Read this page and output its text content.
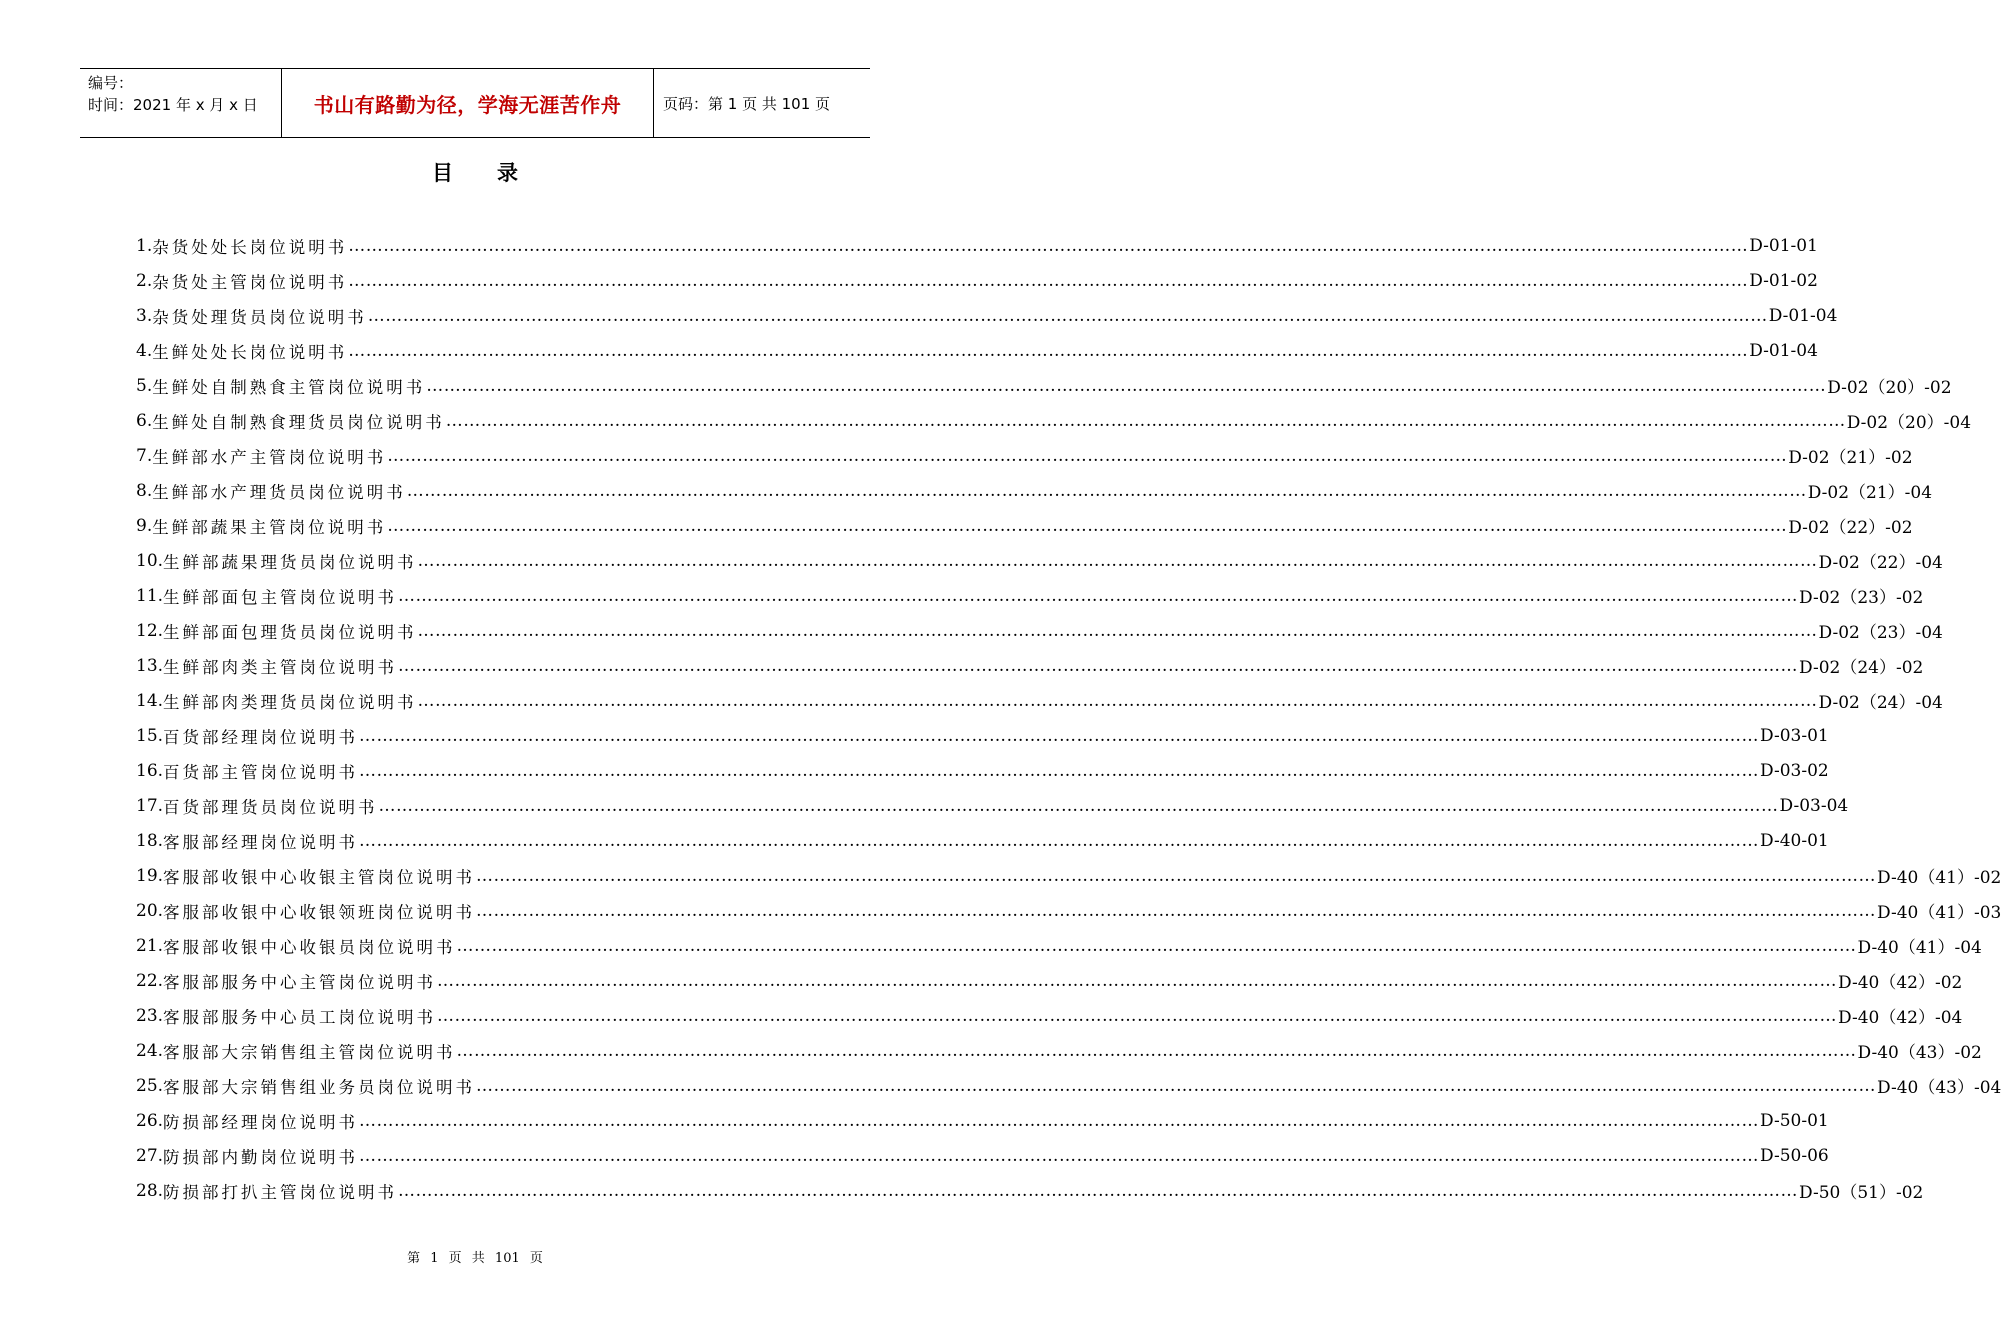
编号：
时间：2021 年 x 月 x 日	书山有路勤为径，学海无涯苦作舟	页码：第 1 页 共 101 页
目录
1. 杂货处处长岗位说明书 …………………………………………………………………………………………………………………………………………………………………………………………………………………… D-01-01
2. 杂货处主管岗位说明书 …………………………………………………………………………………………………………………………………………………………………………………………………………………… D-01-02
3. 杂货处理货员岗位说明书 …………………………………………………………………………………………………………………………………………………………………………………………………………………… D-01-04
4. 生鲜处处长岗位说明书 …………………………………………………………………………………………………………………………………………………………………………………………………………………… D-01-04
5. 生鲜处自制熟食主管岗位说明书 …………………………………………………………………………………………………………………………………………………………………………………………………………………… D-02（20）-02
6. 生鲜处自制熟食理货员岗位说明书 …………………………………………………………………………………………………………………………………………………………………………………………………………………… D-02（20）-04
7. 生鲜部水产主管岗位说明书 …………………………………………………………………………………………………………………………………………………………………………………………………………………… D-02（21）-02
8. 生鲜部水产理货员岗位说明书 …………………………………………………………………………………………………………………………………………………………………………………………………………………… D-02（21）-04
9. 生鲜部蔬果主管岗位说明书 …………………………………………………………………………………………………………………………………………………………………………………………………………………… D-02（22）-02
10. 生鲜部蔬果理货员岗位说明书 …………………………………………………………………………………………………………………………………………………………………………………………………………………… D-02（22）-04
11. 生鲜部面包主管岗位说明书 …………………………………………………………………………………………………………………………………………………………………………………………………………………… D-02（23）-02
12. 生鲜部面包理货员岗位说明书 …………………………………………………………………………………………………………………………………………………………………………………………………………………… D-02（23）-04
13. 生鲜部肉类主管岗位说明书 …………………………………………………………………………………………………………………………………………………………………………………………………………………… D-02（24）-02
14. 生鲜部肉类理货员岗位说明书 …………………………………………………………………………………………………………………………………………………………………………………………………………………… D-02（24）-04
15. 百货部经理岗位说明书 …………………………………………………………………………………………………………………………………………………………………………………………………………………… D-03-01
16. 百货部主管岗位说明书 …………………………………………………………………………………………………………………………………………………………………………………………………………………… D-03-02
17. 百货部理货员岗位说明书 …………………………………………………………………………………………………………………………………………………………………………………………………………………… D-03-04
18. 客服部经理岗位说明书 …………………………………………………………………………………………………………………………………………………………………………………………………………………… D-40-01
19. 客服部收银中心收银主管岗位说明书 …………………………………………………………………………………………………………………………………………………………………………………………………………………… D-40（41）-02
20. 客服部收银中心收银领班岗位说明书 …………………………………………………………………………………………………………………………………………………………………………………………………………………… D-40（41）-03
21. 客服部收银中心收银员岗位说明书 …………………………………………………………………………………………………………………………………………………………………………………………………………………… D-40（41）-04
22. 客服部服务中心主管岗位说明书 …………………………………………………………………………………………………………………………………………………………………………………………………………………… D-40（42）-02
23. 客服部服务中心员工岗位说明书 …………………………………………………………………………………………………………………………………………………………………………………………………………………… D-40（42）-04
24. 客服部大宗销售组主管岗位说明书 …………………………………………………………………………………………………………………………………………………………………………………………………………………… D-40（43）-02
25. 客服部大宗销售组业务员岗位说明书 …………………………………………………………………………………………………………………………………………………………………………………………………………………… D-40（43）-04
26. 防损部经理岗位说明书 …………………………………………………………………………………………………………………………………………………………………………………………………………………… D-50-01
27. 防损部内勤岗位说明书 …………………………………………………………………………………………………………………………………………………………………………………………………………………… D-50-06
28. 防损部打扒主管岗位说明书 …………………………………………………………………………………………………………………………………………………………………………………………………………………… D-50（51）-02
第 1 页 共 101 页
